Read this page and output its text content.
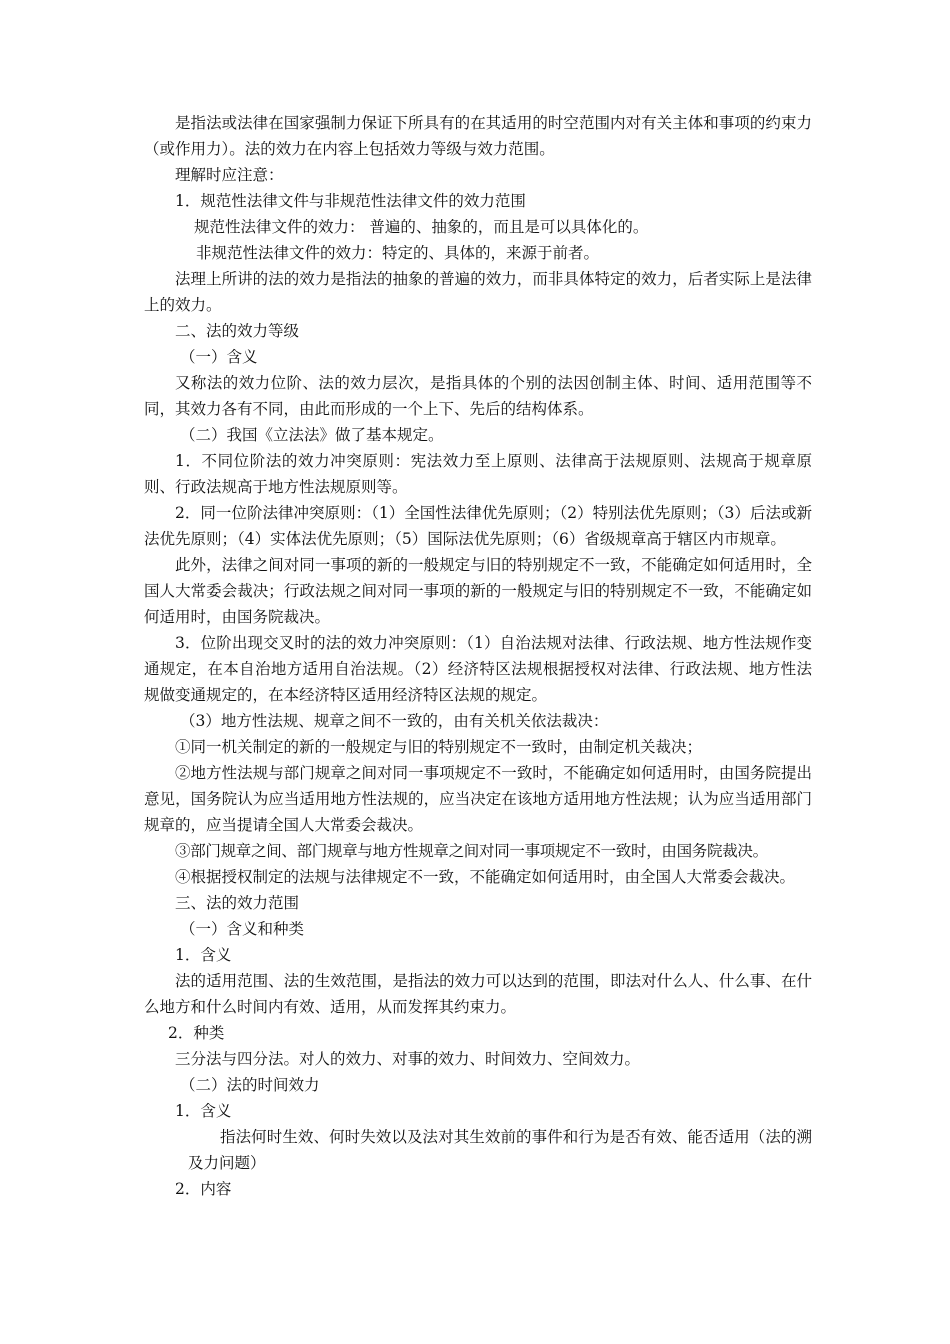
是指法或法律在国家强制力保证下所具有的在其适用的时空范围内对有关主体和事项的约束力（或作用力）。法的效力在内容上包括效力等级与效力范围。

理解时应注意：

1．规范性法律文件与非规范性法律文件的效力范围

规范性法律文件的效力： 普遍的、抽象的，而且是可以具体化的。

非规范性法律文件的效力：特定的、具体的，来源于前者。

法理上所讲的法的效力是指法的抽象的普遍的效力，而非具体特定的效力，后者实际上是法律上的效力。

二、法的效力等级

（一）含义

又称法的效力位阶、法的效力层次，是指具体的个别的法因创制主体、时间、适用范围等不同，其效力各有不同，由此而形成的一个上下、先后的结构体系。

（二）我国《立法法》做了基本规定。

1．不同位阶法的效力冲突原则：宪法效力至上原则、法律高于法规原则、法规高于规章原则、行政法规高于地方性法规原则等。

2．同一位阶法律冲突原则：（1）全国性法律优先原则；（2）特别法优先原则；（3）后法或新法优先原则；（4）实体法优先原则；（5）国际法优先原则；（6）省级规章高于辖区内市规章。

此外，法律之间对同一事项的新的一般规定与旧的特别规定不一致，不能确定如何适用时，全国人大常委会裁决；行政法规之间对同一事项的新的一般规定与旧的特别规定不一致，不能确定如何适用时，由国务院裁决。

3．位阶出现交叉时的法的效力冲突原则：（1）自治法规对法律、行政法规、地方性法规作变通规定，在本自治地方适用自治法规。（2）经济特区法规根据授权对法律、行政法规、地方性法规做变通规定的，在本经济特区适用经济特区法规的规定。

（3）地方性法规、规章之间不一致的，由有关机关依法裁决：

①同一机关制定的新的一般规定与旧的特别规定不一致时，由制定机关裁决；

②地方性法规与部门规章之间对同一事项规定不一致时，不能确定如何适用时，由国务院提出意见，国务院认为应当适用地方性法规的，应当决定在该地方适用地方性法规；认为应当适用部门规章的，应当提请全国人大常委会裁决。

③部门规章之间、部门规章与地方性规章之间对同一事项规定不一致时，由国务院裁决。

④根据授权制定的法规与法律规定不一致，不能确定如何适用时，由全国人大常委会裁决。

三、法的效力范围

（一）含义和种类

1．含义

法的适用范围、法的生效范围，是指法的效力可以达到的范围，即法对什么人、什么事、在什么地方和什么时间内有效、适用，从而发挥其约束力。

2．种类

三分法与四分法。对人的效力、对事的效力、时间效力、空间效力。

（二）法的时间效力

1．含义

指法何时生效、何时失效以及法对其生效前的事件和行为是否有效、能否适用（法的溯及力问题）

2．内容
